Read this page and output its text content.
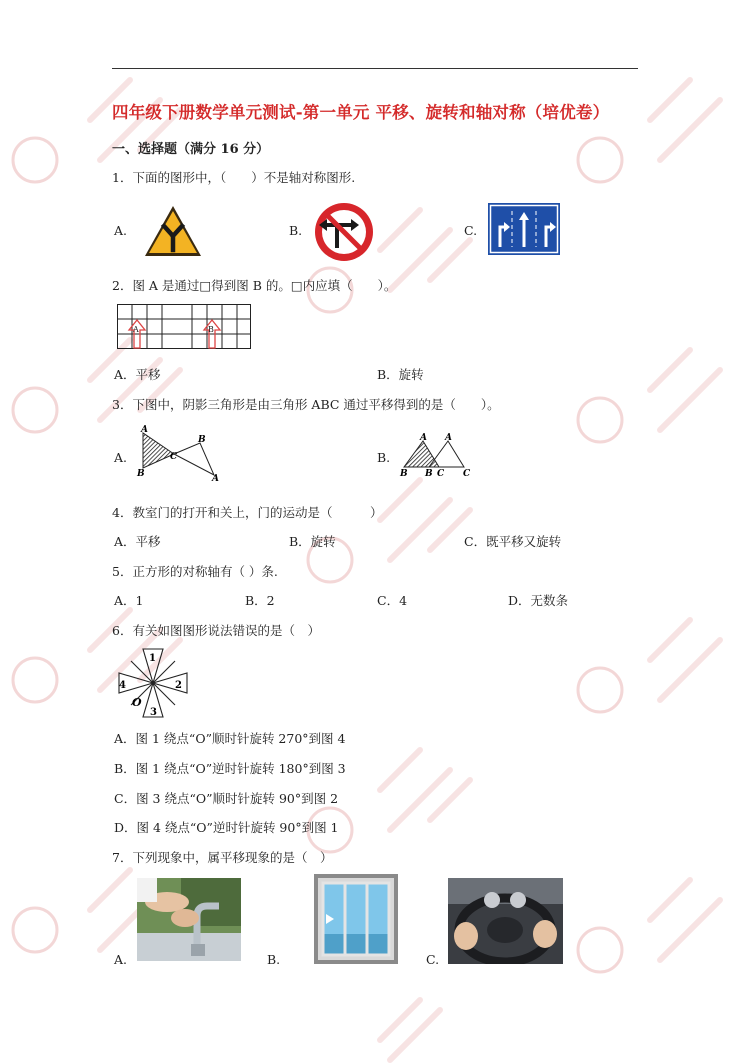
四年级下册数学单元测试-第一单元 平移、旋转和轴对称（培优卷）
一、选择题（满分 16 分）
1．下面的图形中，（　　）不是轴对称图形.
A.	B.	C.
2．图 A 是通过□得到图 B 的。□内应填（　　）。
A	B
A．平移	B．旋转
3．下图中，阴影三角形是由三角形 ABC 通过平移得到的是（　　）。
A.
A
B
C
B
A
B.
A A
B B C C
4．教室门的打开和关上，门的运动是（　　　）
A．平移	B．旋转	C．既平移又旋转
5．正方形的对称轴有（ ）条.
A．1	B．2	C．4	D．无数条
6．有关如图图形说法错误的是（　）
1
2
3
4
O
A．图 1 绕点“O”顺时针旋转 270°到图 4
B．图 1 绕点“O”逆时针旋转 180°到图 3
C．图 3 绕点“O”顺时针旋转 90°到图 2
D．图 4 绕点“O”逆时针旋转 90°到图 1
7．下列现象中，属平移现象的是（　）
A.	B.	C.
